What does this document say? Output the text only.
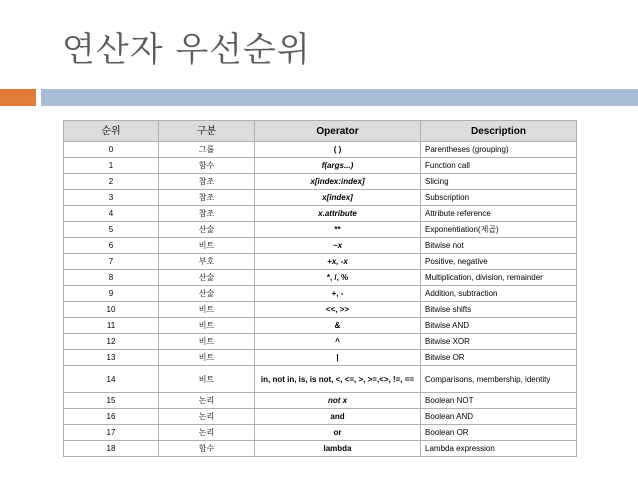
연산자 우선순위
순위	구분	Operator	Description
0	그룹	( )	Parentheses (grouping)
1	함수	f(args...)	Function call
2	참조	x[index:index]	Slicing
3	참조	x[index]	Subscription
4	참조	x.attribute	Attribute reference
5	산술	**	Exponentiation(제곱)
6	비트	~x	Bitwise not
7	부호	+x, -x	Positive, negative
8	산술	*, /, %	Multiplication, division, remainder
9	산술	+, -	Addition, subtraction
10	비트	<<, >>	Bitwise shifts
11	비트	&	Bitwise AND
12	비트	^	Bitwise XOR
13	비트	|	Bitwise OR
14	비트	in, not in, is, is not, <, <=, >, >=,<>, !=, ==	Comparisons, membership, identity
15	논리	not x	Boolean NOT
16	논리	and	Boolean AND
17	논리	or	Boolean OR
18	함수	lambda	Lambda expression
